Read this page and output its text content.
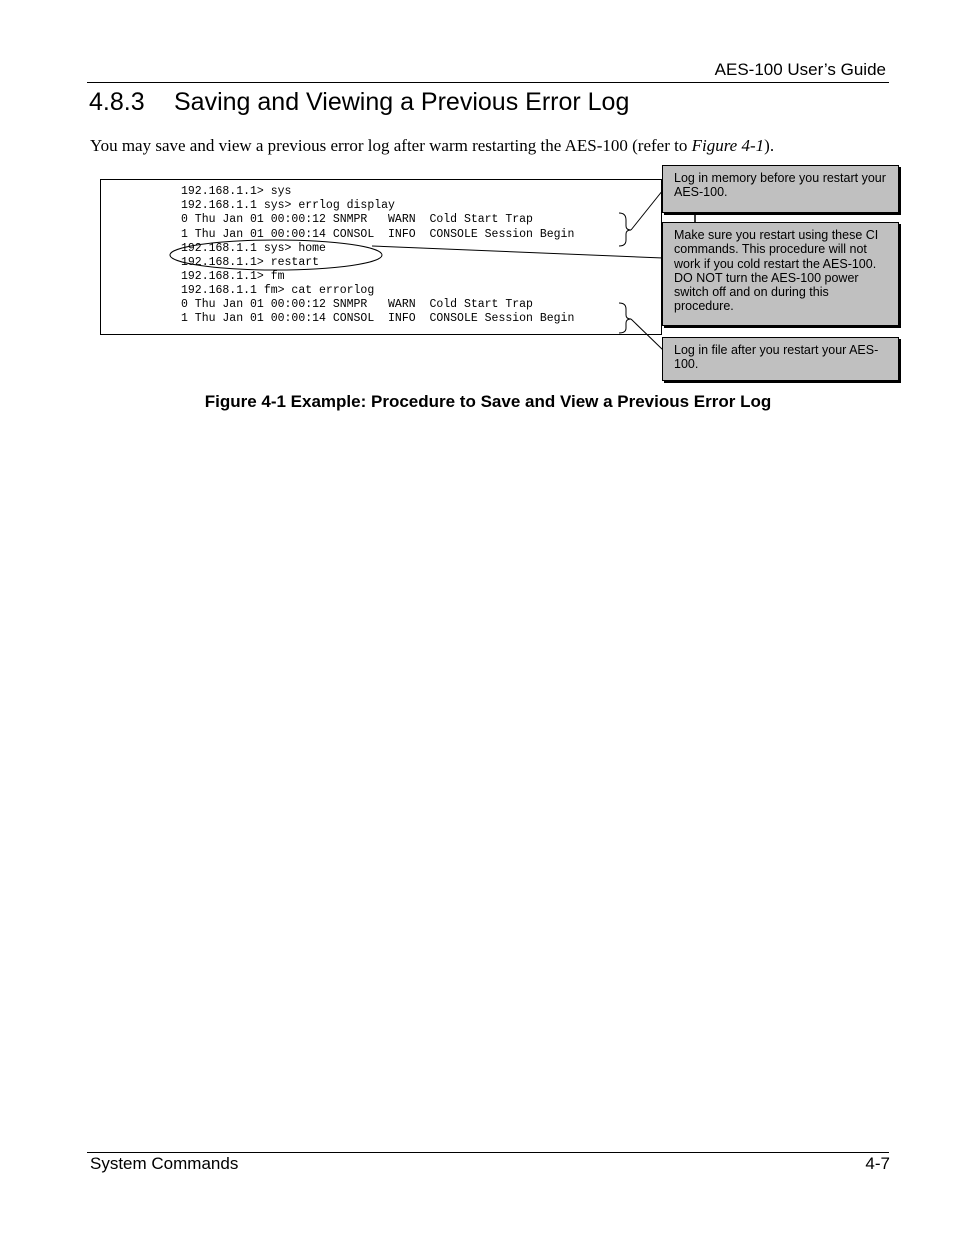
AES-100 User’s Guide
4.8.3 Saving and Viewing a Previous Error Log
You may save and view a previous error log after warm restarting the AES-100 (refer to Figure 4-1).
192.168.1.1> sys
192.168.1.1 sys> errlog display
0 Thu Jan 01 00:00:12 SNMPR   WARN  Cold Start Trap
1 Thu Jan 01 00:00:14 CONSOL  INFO  CONSOLE Session Begin
192.168.1.1 sys> home
192.168.1.1> restart
192.168.1.1> fm
192.168.1.1 fm> cat errorlog
0 Thu Jan 01 00:00:12 SNMPR   WARN  Cold Start Trap
1 Thu Jan 01 00:00:14 CONSOL  INFO  CONSOLE Session Begin
Log in memory before you restart your AES-100.
Make sure you restart using these CI commands. This procedure will not work if you cold restart the AES-100. DO NOT turn the AES-100 power switch off and on during this procedure.
Log in file after you restart your AES-100.
Figure 4-1 Example: Procedure to Save and View a Previous Error Log
System Commands	4-7
